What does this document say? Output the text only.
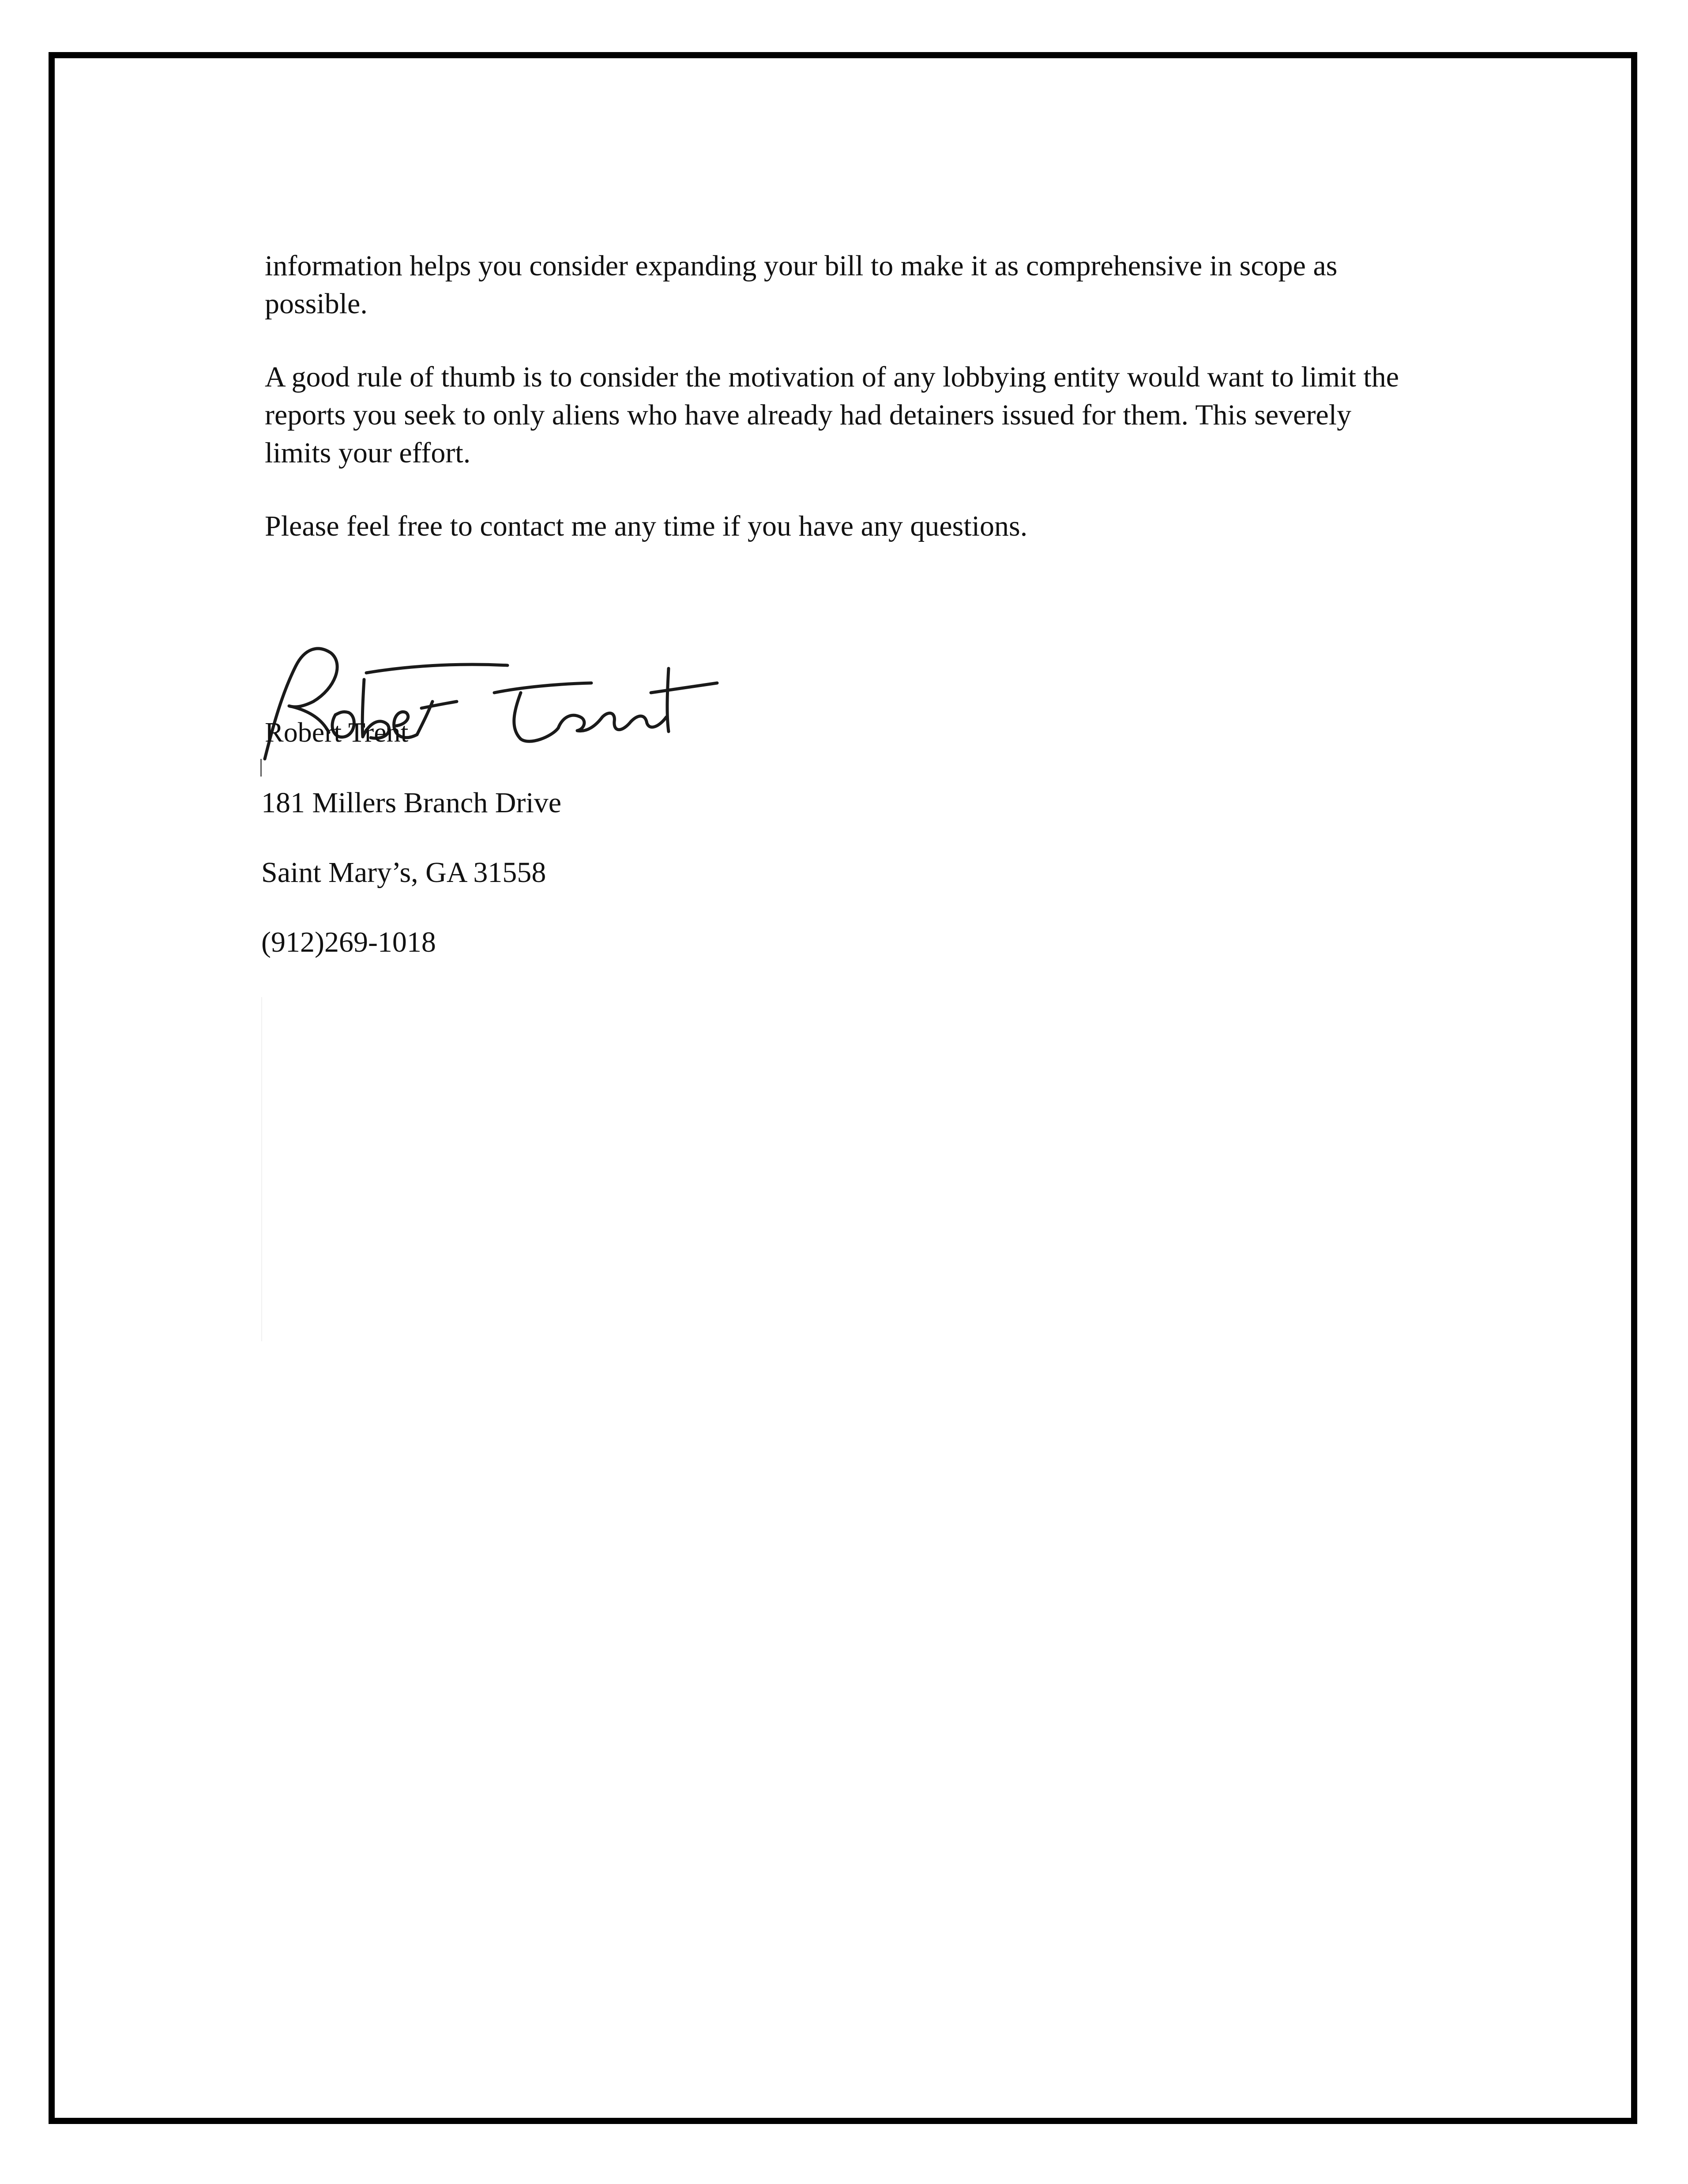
information helps you consider expanding your bill to make it as comprehensive in scope as possible.

A good rule of thumb is to consider the motivation of any lobbying entity would want to limit the reports you seek to only aliens who have already had detainers issued for them. This severely limits your effort.

Please feel free to contact me any time if you have any questions.

Robert Trent
181 Millers Branch Drive
Saint Mary’s, GA 31558
(912)269-1018
